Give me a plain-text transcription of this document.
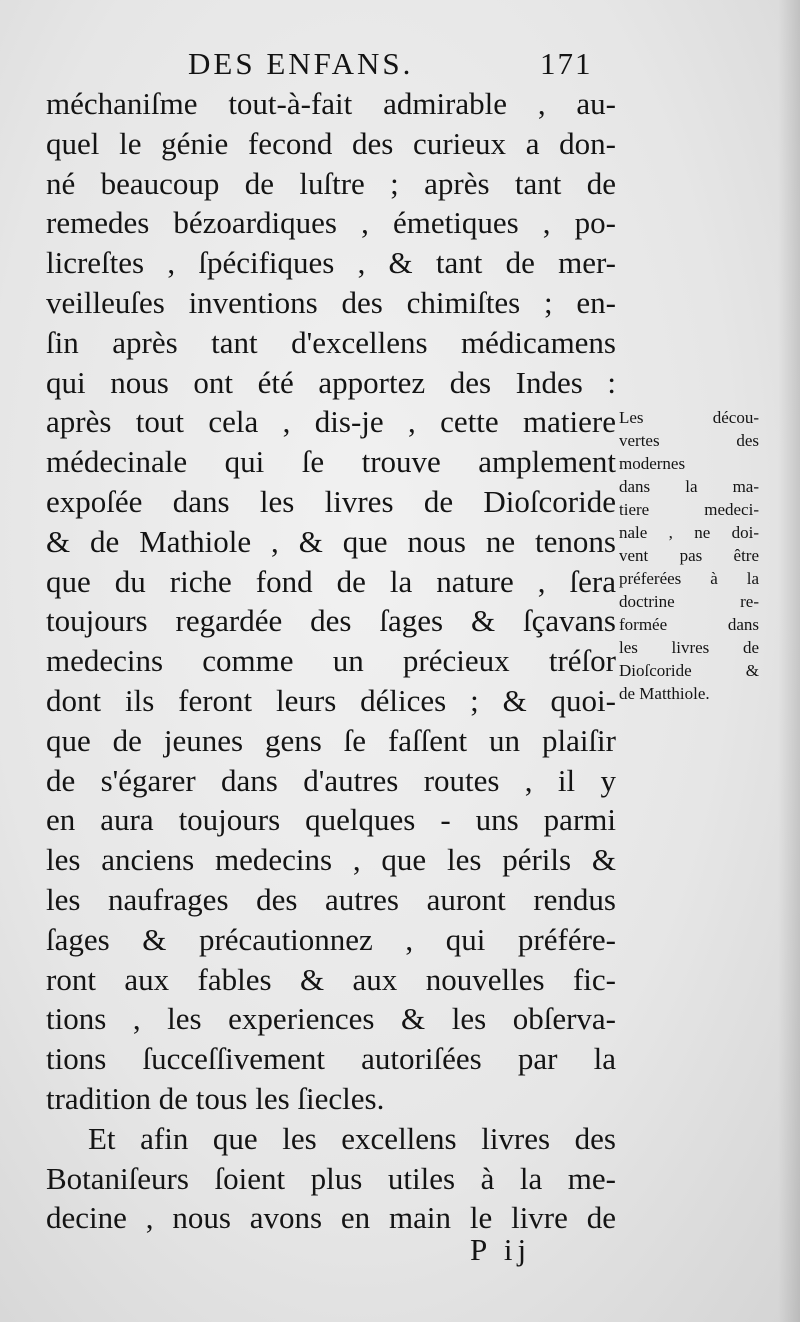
DES ENFANS.	171
méchaniſme tout-à-fait admirable , au-
quel le génie fecond des curieux a don-
né beaucoup de luſtre ; après tant de
remedes bézoardiques , émetiques , po-
licreſtes , ſpécifiques , & tant de mer-
veilleuſes inventions des chimiſtes ; en-
ſin après tant d'excellens médicamens
qui nous ont été apportez des Indes :
après tout cela , dis-je , cette matiere
médecinale qui ſe trouve amplement
expoſée dans les livres de Dioſcoride
& de Mathiole , & que nous ne tenons
que du riche fond de la nature , ſera
toujours regardée des ſages & ſçavans
medecins comme un précieux tréſor
dont ils feront leurs délices ; & quoi-
que de jeunes gens ſe faſſent un plaiſir
de s'égarer dans d'autres routes , il y
en aura toujours quelques - uns parmi
les anciens medecins , que les périls &
les naufrages des autres auront rendus
ſages & précautionnez , qui préfére-
ront aux fables & aux nouvelles fic-
tions , les experiences & les obſerva-
tions ſucceſſivement autoriſées par la
tradition de tous les ſiecles.
Et afin que les excellens livres des
Botaniſeurs ſoient plus utiles à la me-
decine , nous avons en main le livre de
Les décou-
vertes des
modernes
dans la ma-
tiere medeci-
nale , ne doi-
vent pas être
préferées à la
doctrine re-
formée dans
les livres de
Dioſcoride &
de Matthiole.
P ij
